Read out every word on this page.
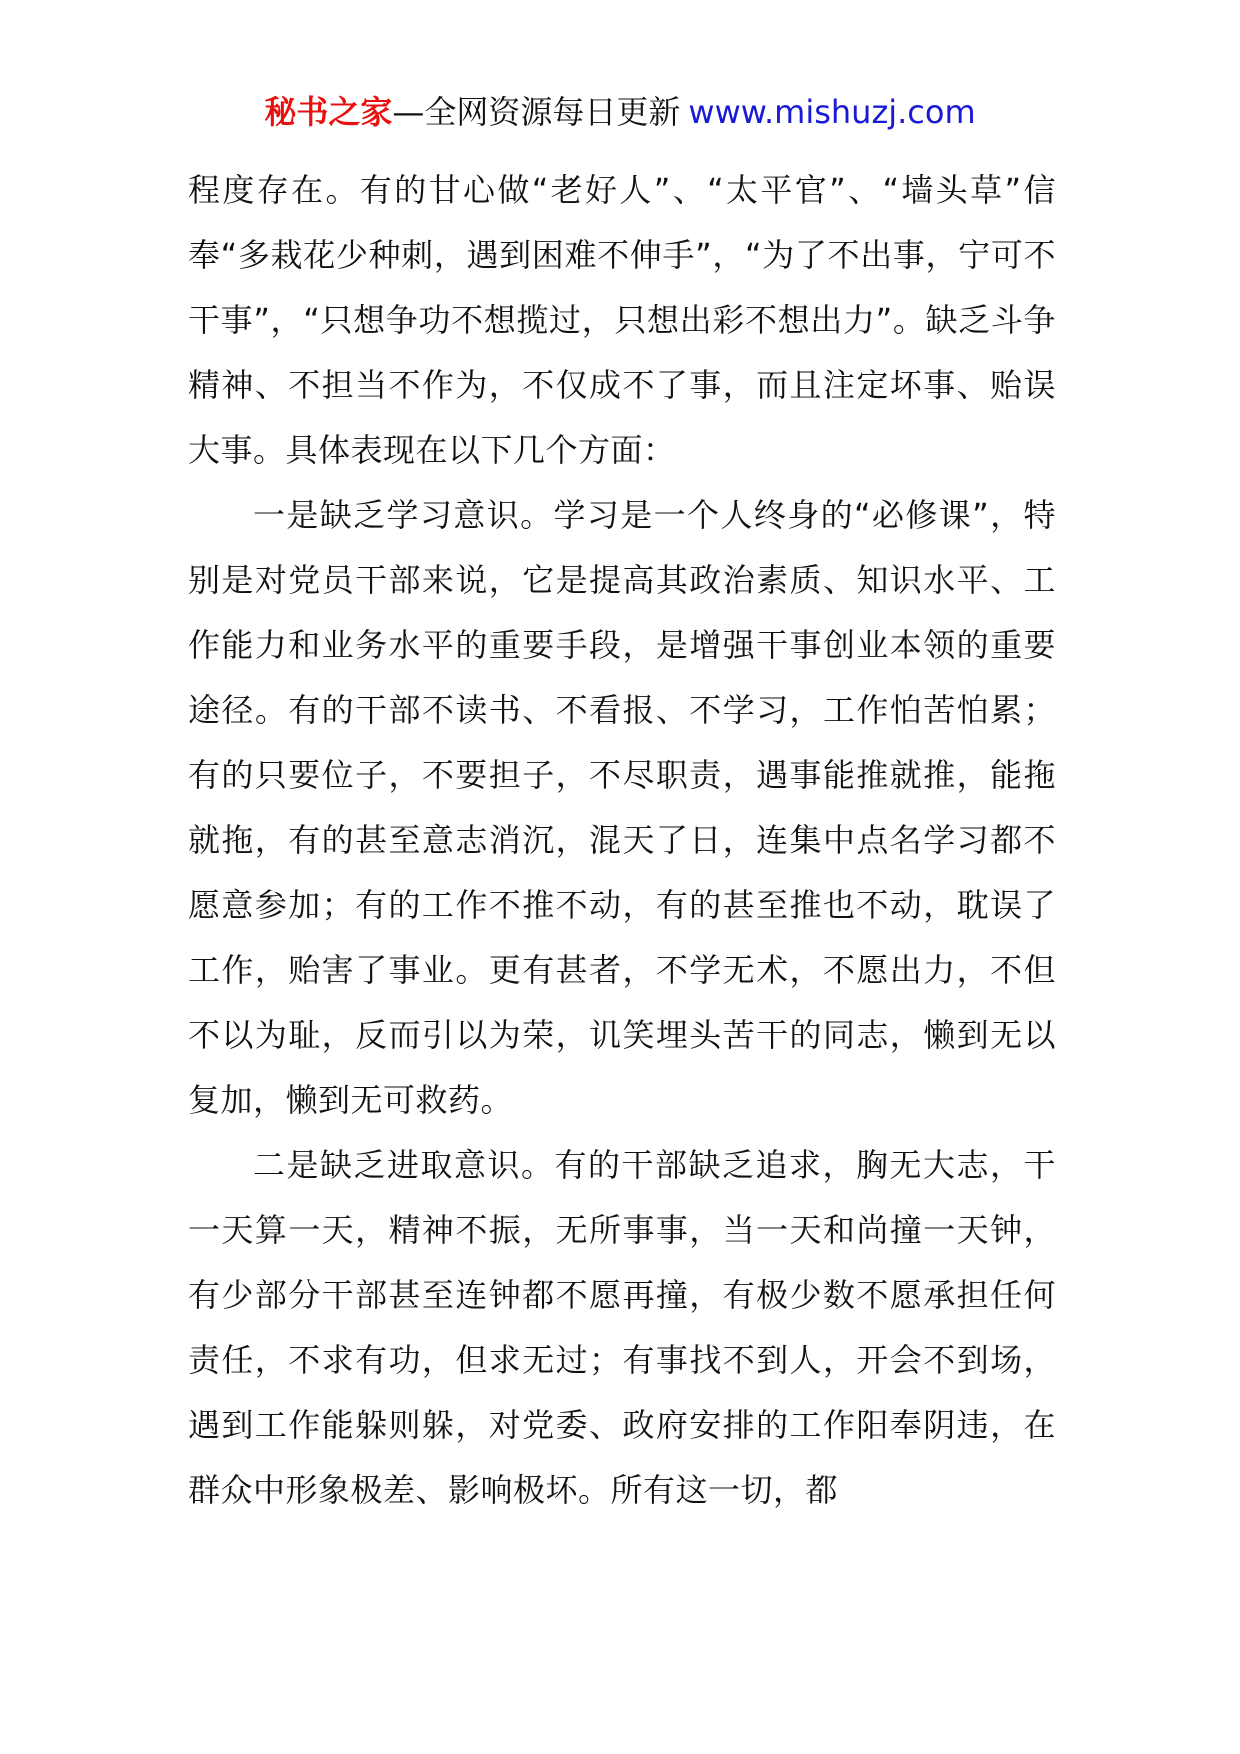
秘书之家—全网资源每日更新 www.mishuzj.com

程度存在。有的甘心做“老好人”、“太平官”、“墙头草”信奉“多栽花少种刺，遇到困难不伸手”，“为了不出事，宁可不干事”，“只想争功不想揽过，只想出彩不想出力”。缺乏斗争精神、不担当不作为，不仅成不了事，而且注定坏事、贻误大事。具体表现在以下几个方面：

一是缺乏学习意识。学习是一个人终身的“必修课”，特别是对党员干部来说，它是提高其政治素质、知识水平、工作能力和业务水平的重要手段，是增强干事创业本领的重要途径。有的干部不读书、不看报、不学习，工作怕苦怕累；有的只要位子，不要担子，不尽职责，遇事能推就推，能拖就拖，有的甚至意志消沉，混天了日，连集中点名学习都不愿意参加；有的工作不推不动，有的甚至推也不动，耽误了工作，贻害了事业。更有甚者，不学无术，不愿出力，不但不以为耻，反而引以为荣，讥笑埋头苦干的同志，懒到无以复加，懒到无可救药。

二是缺乏进取意识。有的干部缺乏追求，胸无大志，干一天算一天，精神不振，无所事事，当一天和尚撞一天钟，有少部分干部甚至连钟都不愿再撞，有极少数不愿承担任何责任，不求有功，但求无过；有事找不到人，开会不到场，遇到工作能躲则躲，对党委、政府安排的工作阳奉阴违，在群众中形象极差、影响极坏。所有这一切，都
